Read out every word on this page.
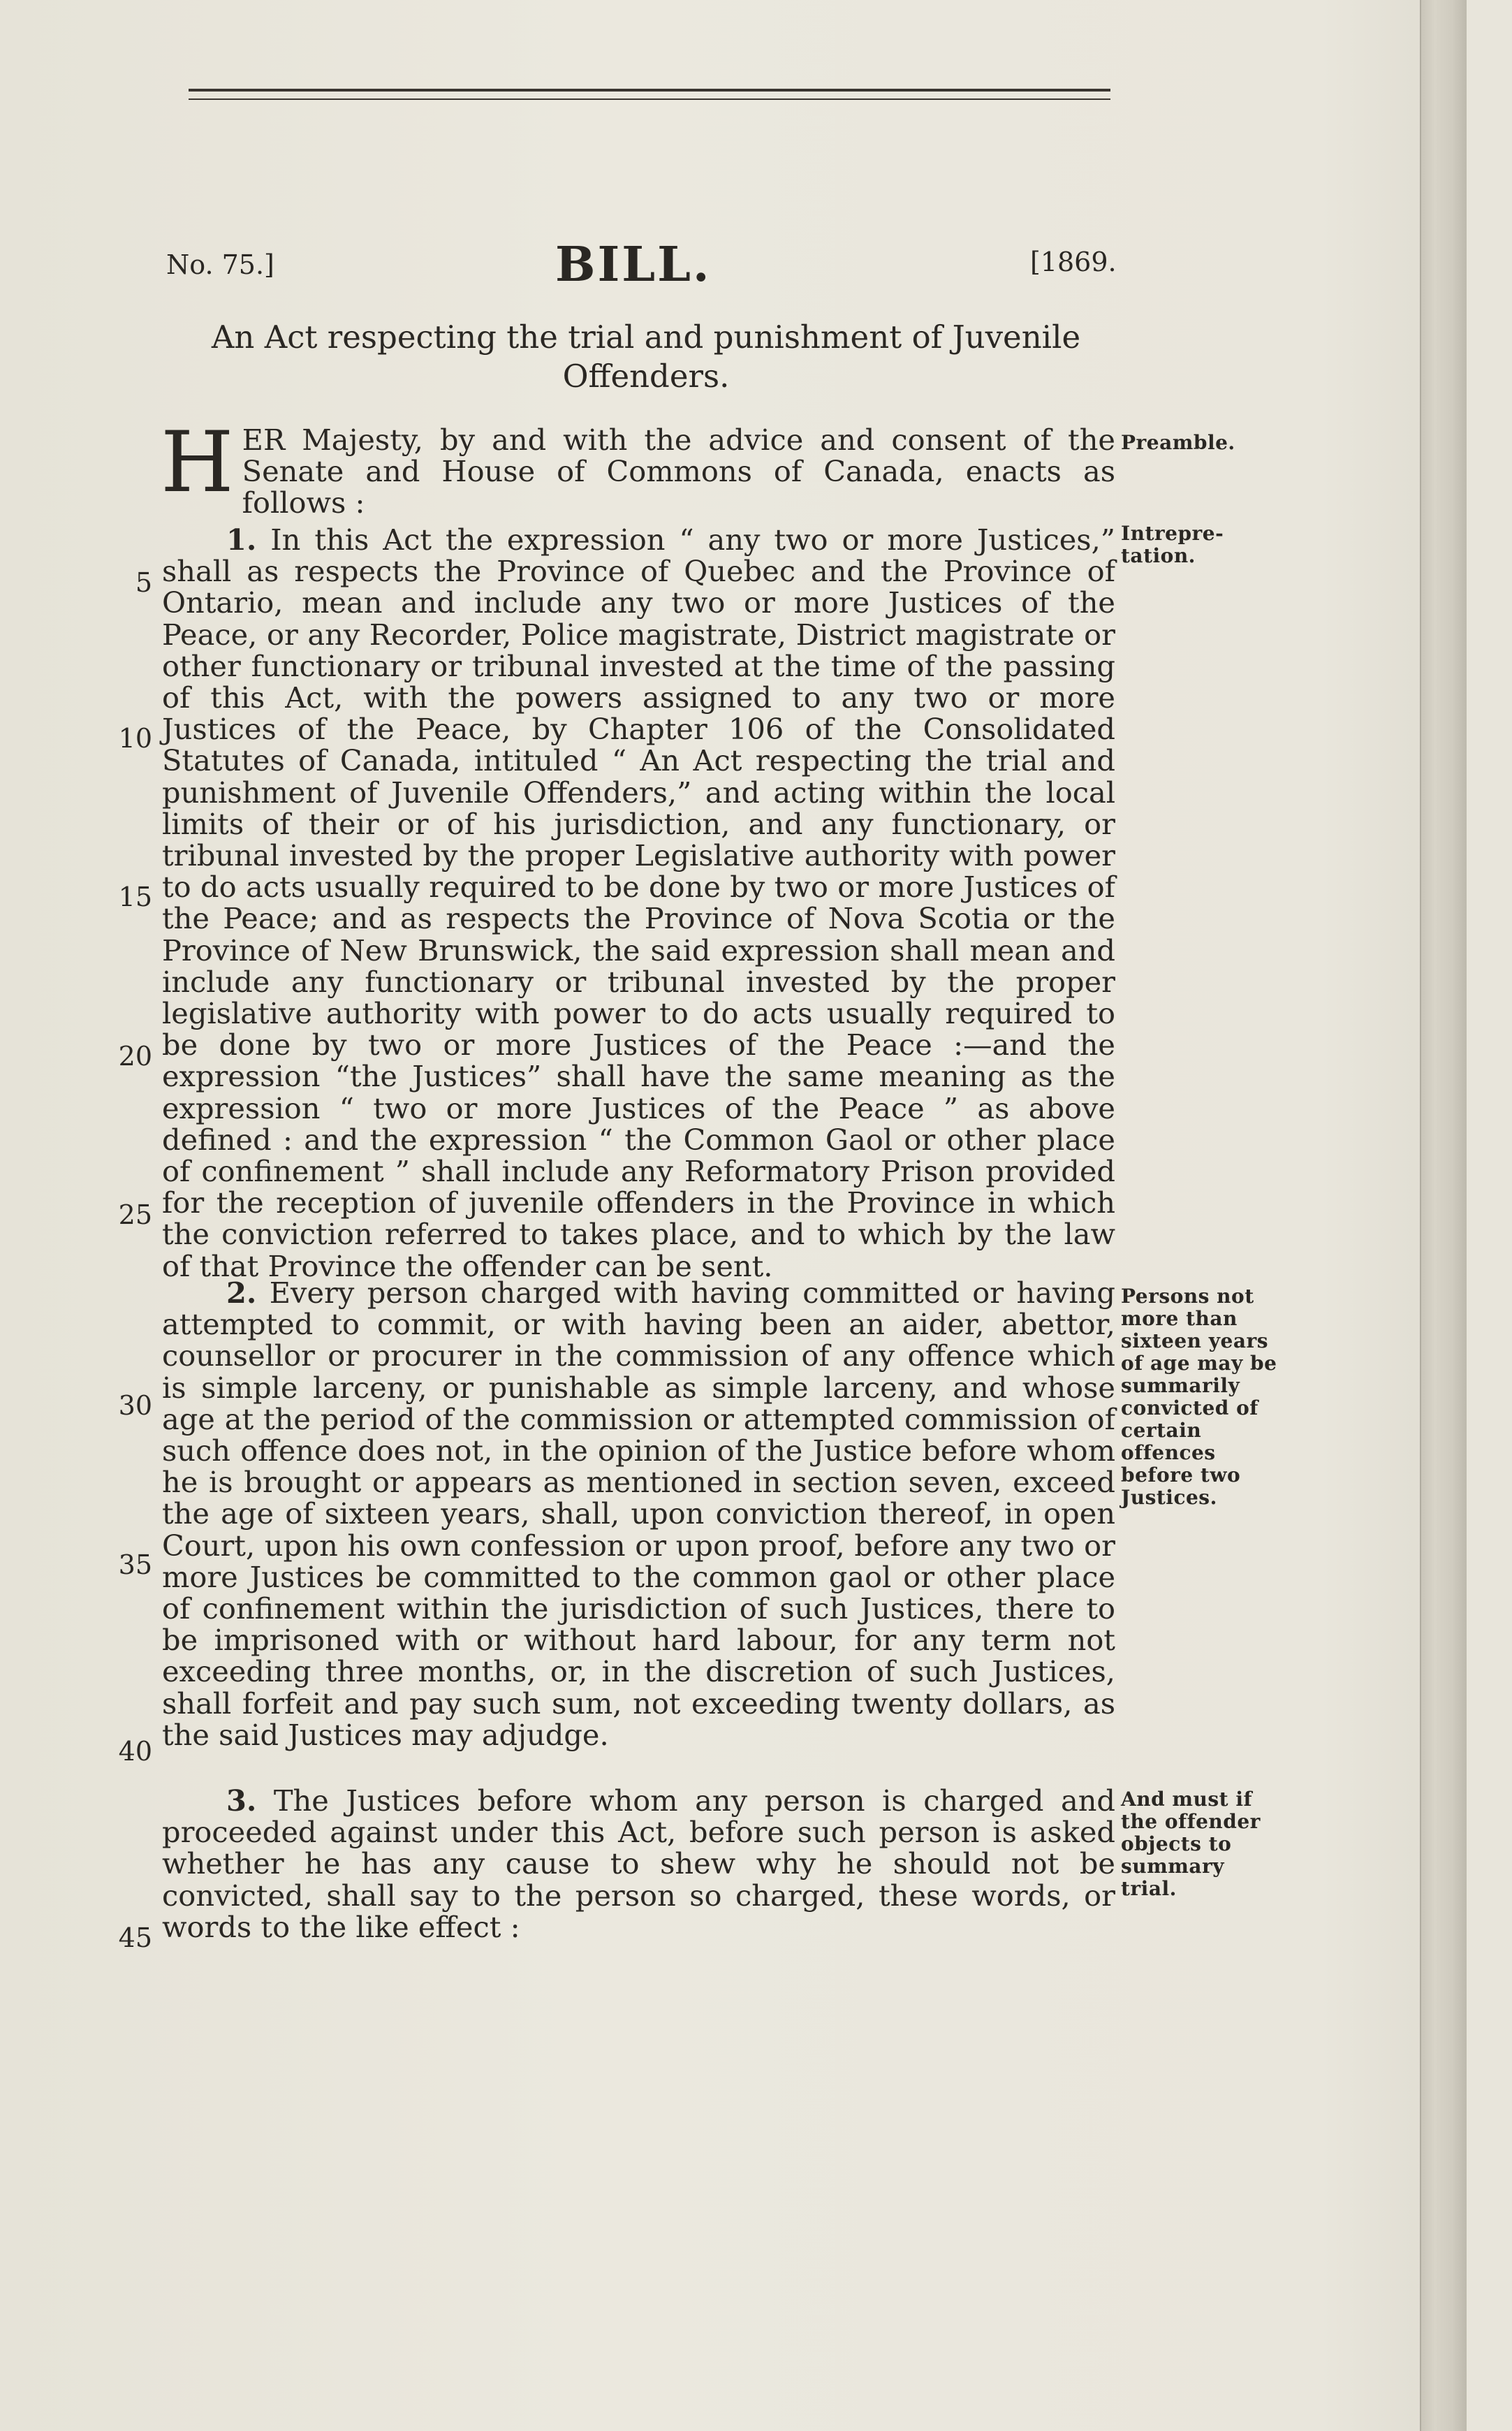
No. 75.]	BILL.	[1869.
An Act respecting the trial and punishment of Juvenile Offenders.
HER Majesty, by and with the advice and consent of the Senate and House of Commons of Canada, enacts as follows :

1. In this Act the expression “ any two or more Justices,” shall as respects the Province of Quebec and the Province of Ontario, mean and include any two or more Justices of the Peace, or any Recorder, Police magistrate, District magistrate or other functionary or tribunal invested at the time of the passing of this Act, with the powers assigned to any two or more Justices of the Peace, by Chapter 106 of the Consolidated Statutes of Canada, intituled “ An Act respecting the trial and punishment of Juvenile Offenders,” and acting within the local limits of their or of his jurisdiction, and any functionary, or tribunal invested by the proper Legislative authority with power to do acts usually required to be done by two or more Justices of the Peace; and as respects the Province of Nova Scotia or the Province of New Brunswick, the said expression shall mean and include any functionary or tribunal invested by the proper legislative authority with power to do acts usually required to be done by two or more Justices of the Peace :—and the expression “the Justices” shall have the same meaning as the expression “ two or more Justices of the Peace ” as above defined : and the expression “ the Common Gaol or other place of confinement ” shall include any Reformatory Prison provided for the reception of juvenile offenders in the Province in which the conviction referred to takes place, and to which by the law of that Province the offender can be sent.

2. Every person charged with having committed or having attempted to commit, or with having been an aider, abettor, counsellor or procurer in the commission of any offence which is simple larceny, or punishable as simple larceny, and whose age at the period of the commission or attempted commission of such offence does not, in the opinion of the Justice before whom he is brought or appears as mentioned in section seven, exceed the age of sixteen years, shall, upon conviction thereof, in open Court, upon his own confession or upon proof, before any two or more Justices be committed to the common gaol or other place of confinement within the jurisdiction of such Justices, there to be imprisoned with or without hard labour, for any term not exceeding three months, or, in the discretion of such Justices, shall forfeit and pay such sum, not exceeding twenty dollars, as the said Justices may adjudge.

3. The Justices before whom any person is charged and proceeded against under this Act, before such person is asked whether he has any cause to shew why he should not be convicted, shall say to the person so charged, these words, or words to the like effect :

5
10
15
20
25
30
35
40
45
Preamble.
Intrepre-tation.
Persons not more than sixteen years of age may be summarily convicted of certain offences before two Justices.
And must if the offender objects to summary trial.
